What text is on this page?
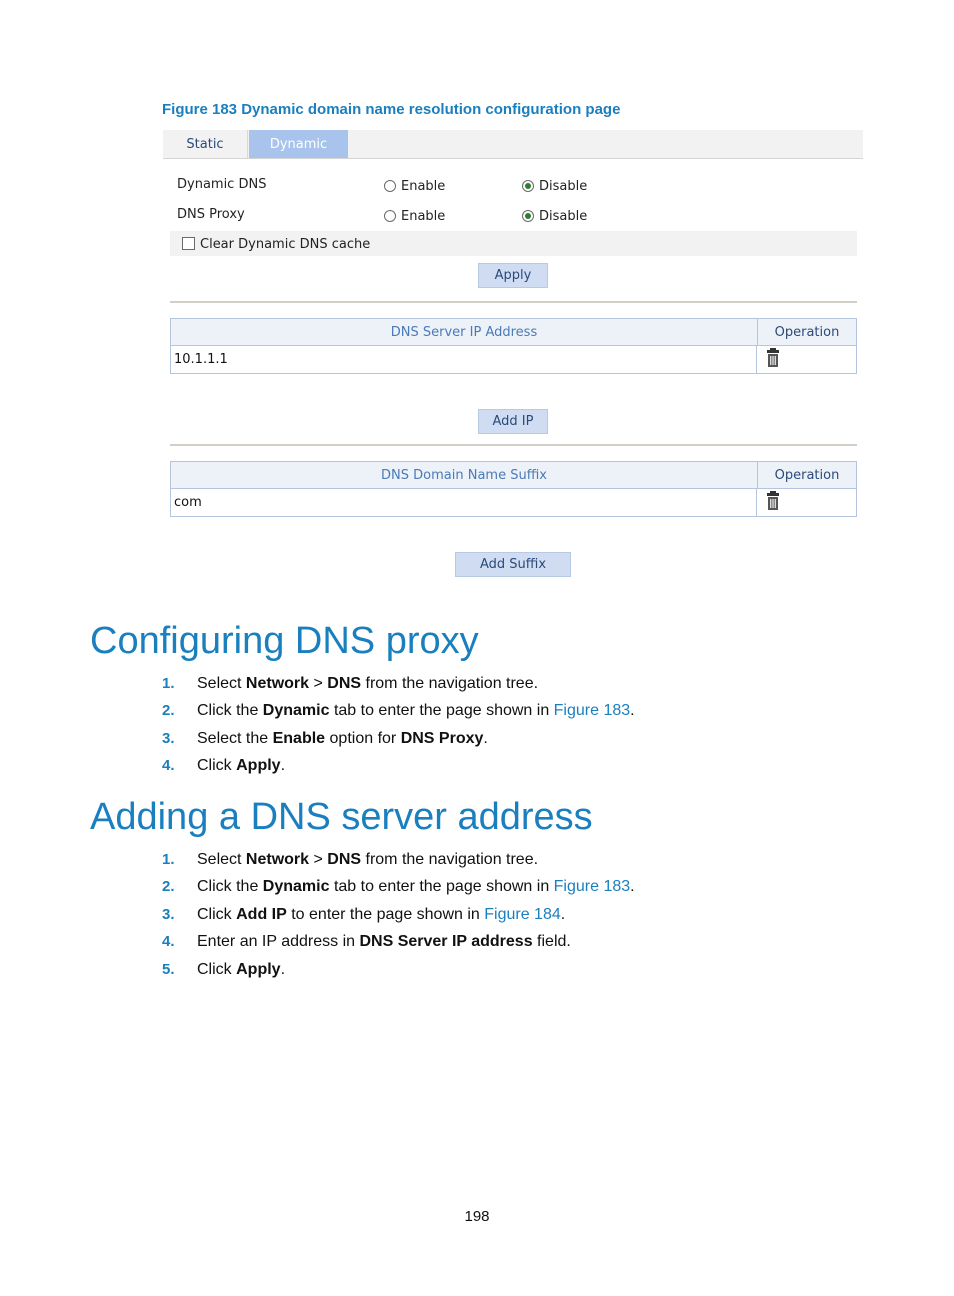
Figure 183 Dynamic domain name resolution configuration page
Static	Dynamic
Dynamic DNS	Enable	Disable
DNS Proxy	Enable	Disable
Clear Dynamic DNS cache
Apply
DNS Server IP Address	Operation
10.1.1.1
Add IP
DNS Domain Name Suffix	Operation
com
Add Suffix
Configuring DNS proxy
1.	Select Network > DNS from the navigation tree.
2.	Click the Dynamic tab to enter the page shown in Figure 183.
3.	Select the Enable option for DNS Proxy.
4.	Click Apply.
Adding a DNS server address
1.	Select Network > DNS from the navigation tree.
2.	Click the Dynamic tab to enter the page shown in Figure 183.
3.	Click Add IP to enter the page shown in Figure 184.
4.	Enter an IP address in DNS Server IP address field.
5.	Click Apply.
198
